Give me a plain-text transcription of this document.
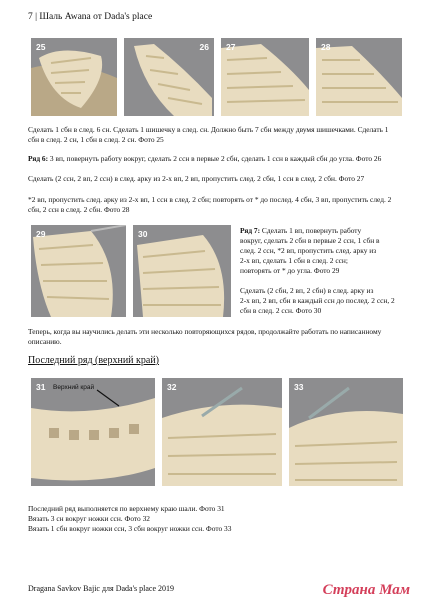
7 | Шаль Awana от Dada's place
25	26 27	28
Сделать 1 сбн в след. 6 сн. Сделать 1 шишечку в след. сн. Должно быть 7 сбн между двумя шишечками. Сделать 1 сбн в след. 2 сн, 1 сбн в след. 2 сн. Фото 25
Ряд 6: 3 вп, повернуть работу вокруг, сделать 2 ссн в первые 2 сбн, сделать 1 ссн в каждый сбн до угла. Фото 26
Сделать (2 ссн, 2 вп, 2 ссн) в след. арку из 2-х вп, 2 вп, пропустить след. 2 сбн, 1 ссн в след. 2 сбн. Фото 27
*2 вп, пропустить след. арку из 2-х вп, 1 ссн в след. 2 сбн; повторять от * до послед. 4 сбн, 3 вп, пропустить след. 2 сбн, 2 ссн в след. 2 сбн. Фото 28
29	30	Ряд 7: Сделать 1 вп, повернуть работу
вокруг, сделать 2 сбн в первые 2 ссн, 1 сбн в
след. 2 ссн, *2 вп, пропустить след. арку из
2-х вп, сделать 1 сбн в след. 2 ссн;
повторять от * до угла. Фото 29
Сделать (2 сбн, 2 вп, 2 сбн) в след. арку из
2-х вп, 2 вп, сбн в каждый ссн до послед. 2 ссн, 2
сбн в след. 2 ссн. Фото 30
Теперь, когда вы научились делать эти несколько повторяющихся рядов, продолжайте работать по написанному описанию.
Последний ряд (верхний край)
31 Верхний край	32	33
Последний ряд выполняется по верхнему краю шали. Фото 31
Вязать 3 сн вокруг ножки ссн. Фото 32
Вязать 1 сбн вокруг ножки ссн, 3 сбн вокруг ножки ссн. Фото 33
Dragana Savkov Bajic для Dada's place 2019	Страна Мам
